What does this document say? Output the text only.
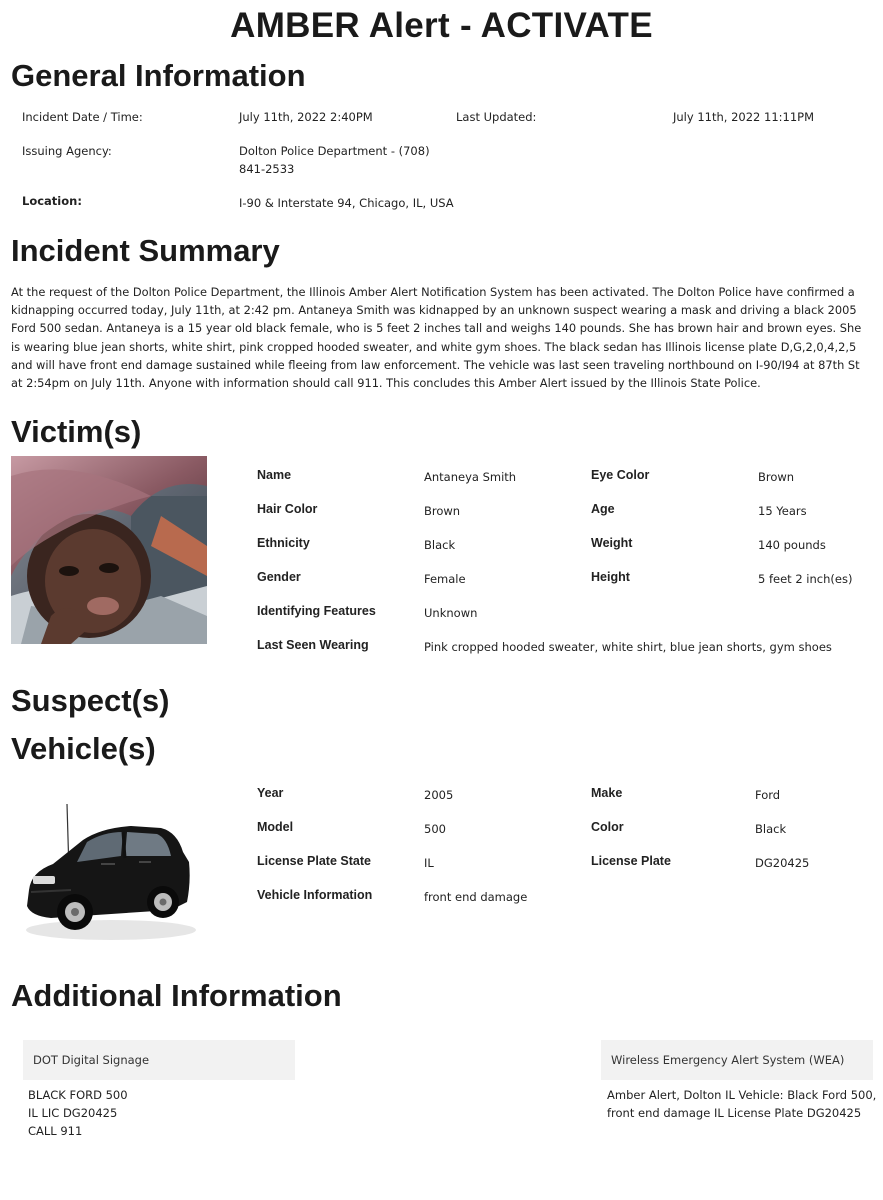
AMBER Alert - ACTIVATE
General Information
Incident Date / Time:	July 11th, 2022 2:40PM	Last Updated:	July 11th, 2022 11:11PM
Issuing Agency:	Dolton Police Department - (708)
841-2533
Location:	I-90 & Interstate 94, Chicago, IL, USA
Incident Summary
At the request of the Dolton Police Department, the Illinois Amber Alert Notification System has been activated. The Dolton Police have confirmed a kidnapping occurred today, July 11th, at 2:42 pm. Antaneya Smith was kidnapped by an unknown suspect wearing a mask and driving a black 2005 Ford 500 sedan. Antaneya is a 15 year old black female, who is 5 feet 2 inches tall and weighs 140 pounds. She has brown hair and brown eyes. She is wearing blue jean shorts, white shirt, pink cropped hooded sweater, and white gym shoes. The black sedan has Illinois license plate D,G,2,0,4,2,5 and will have front end damage sustained while fleeing from law enforcement. The vehicle was last seen traveling northbound on I-90/I94 at 87th St at 2:54pm on July 11th. Anyone with information should call 911. This concludes this Amber Alert issued by the Illinois State Police.
Victim(s)
Name	Antaneya Smith	Eye Color	Brown
Hair Color	Brown	Age	15 Years
Ethnicity	Black	Weight	140 pounds
Gender	Female	Height	5 feet 2 inch(es)
Identifying Features	Unknown
Last Seen Wearing	Pink cropped hooded sweater, white shirt, blue jean shorts, gym shoes
Suspect(s)
Vehicle(s)
Year	2005	Make	Ford
Model	500	Color	Black
License Plate State	IL	License Plate	DG20425
Vehicle Information	front end damage
Additional Information
DOT Digital Signage
BLACK FORD 500
IL LIC DG20425
CALL 911
Wireless Emergency Alert System (WEA)
Amber Alert, Dolton IL Vehicle: Black Ford 500,
front end damage IL License Plate DG20425
